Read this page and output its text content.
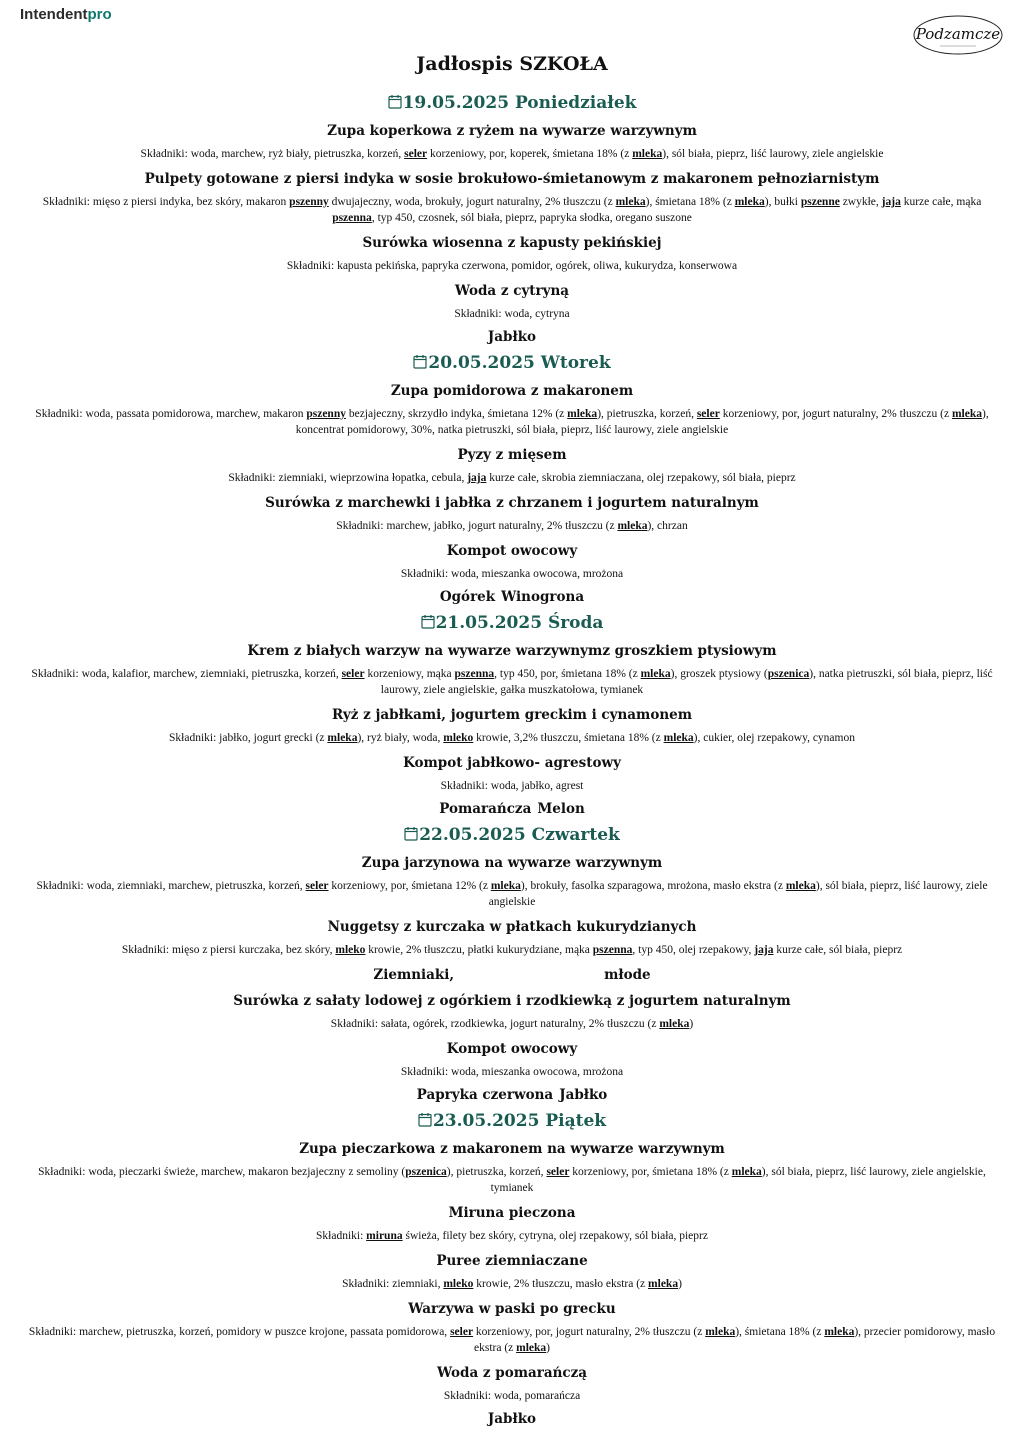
Intendentpro
Podzamcze
Jadłospis SZKOŁA
19.05.2025 Poniedziałek
Zupa koperkowa z ryżem na wywarze warzywnym
Składniki: woda, marchew, ryż biały, pietruszka, korzeń, seler korzeniowy, por, koperek, śmietana 18% (z mleka), sól biała, pieprz, liść laurowy, ziele angielskie
Pulpety gotowane z piersi indyka w sosie brokułowo-śmietanowym z makaronem pełnoziarnistym
Składniki: mięso z piersi indyka, bez skóry, makaron pszenny dwujajeczny, woda, brokuły, jogurt naturalny, 2% tłuszczu (z mleka), śmietana 18% (z mleka), bułki pszenne zwykłe, jaja kurze całe, mąka pszenna, typ 450, czosnek, sól biała, pieprz, papryka słodka, oregano suszone
Surówka wiosenna z kapusty pekińskiej
Składniki: kapusta pekińska, papryka czerwona, pomidor, ogórek, oliwa, kukurydza, konserwowa
Woda z cytryną
Składniki: woda, cytryna
Jabłko
20.05.2025 Wtorek
Zupa pomidorowa z makaronem
Składniki: woda, passata pomidorowa, marchew, makaron pszenny bezjajeczny, skrzydło indyka, śmietana 12% (z mleka), pietruszka, korzeń, seler korzeniowy, por, jogurt naturalny, 2% tłuszczu (z mleka), koncentrat pomidorowy, 30%, natka pietruszki, sól biała, pieprz, liść laurowy, ziele angielskie
Pyzy z mięsem
Składniki: ziemniaki, wieprzowina łopatka, cebula, jaja kurze całe, skrobia ziemniaczana, olej rzepakowy, sól biała, pieprz
Surówka z marchewki i jabłka z chrzanem i jogurtem naturalnym
Składniki: marchew, jabłko, jogurt naturalny, 2% tłuszczu (z mleka), chrzan
Kompot owocowy
Składniki: woda, mieszanka owocowa, mrożona
Ogórek Winogrona
21.05.2025 Środa
Krem z białych warzyw na wywarze warzywnymz groszkiem ptysiowym
Składniki: woda, kalafior, marchew, ziemniaki, pietruszka, korzeń, seler korzeniowy, mąka pszenna, typ 450, por, śmietana 18% (z mleka), groszek ptysiowy (pszenica), natka pietruszki, sól biała, pieprz, liść laurowy, ziele angielskie, gałka muszkatołowa, tymianek
Ryż z jabłkami, jogurtem greckim i cynamonem
Składniki: jabłko, jogurt grecki (z mleka), ryż biały, woda, mleko krowie, 3,2% tłuszczu, śmietana 18% (z mleka), cukier, olej rzepakowy, cynamon
Kompot jabłkowo- agrestowy
Składniki: woda, jabłko, agrest
Pomarańcza Melon
22.05.2025 Czwartek
Zupa jarzynowa na wywarze warzywnym
Składniki: woda, ziemniaki, marchew, pietruszka, korzeń, seler korzeniowy, por, śmietana 12% (z mleka), brokuły, fasolka szparagowa, mrożona, masło ekstra (z mleka), sól biała, pieprz, liść laurowy, ziele angielskie
Nuggetsy z kurczaka w płatkach kukurydzianych
Składniki: mięso z piersi kurczaka, bez skóry, mleko krowie, 2% tłuszczu, płatki kukurydziane, mąka pszenna, typ 450, olej rzepakowy, jaja kurze całe, sól biała, pieprz
Ziemniaki,	młode
Surówka z sałaty lodowej z ogórkiem i rzodkiewką z jogurtem naturalnym
Składniki: sałata, ogórek, rzodkiewka, jogurt naturalny, 2% tłuszczu (z mleka)
Kompot owocowy
Składniki: woda, mieszanka owocowa, mrożona
Papryka czerwona Jabłko
23.05.2025 Piątek
Zupa pieczarkowa z makaronem na wywarze warzywnym
Składniki: woda, pieczarki świeże, marchew, makaron bezjajeczny z semoliny (pszenica), pietruszka, korzeń, seler korzeniowy, por, śmietana 18% (z mleka), sól biała, pieprz, liść laurowy, ziele angielskie, tymianek
Miruna pieczona
Składniki: miruna świeża, filety bez skóry, cytryna, olej rzepakowy, sól biała, pieprz
Puree ziemniaczane
Składniki: ziemniaki, mleko krowie, 2% tłuszczu, masło ekstra (z mleka)
Warzywa w paski po grecku
Składniki: marchew, pietruszka, korzeń, pomidory w puszce krojone, passata pomidorowa, seler korzeniowy, por, jogurt naturalny, 2% tłuszczu (z mleka), śmietana 18% (z mleka), przecier pomidorowy, masło ekstra (z mleka)
Woda z pomarańczą
Składniki: woda, pomarańcza
Jabłko
